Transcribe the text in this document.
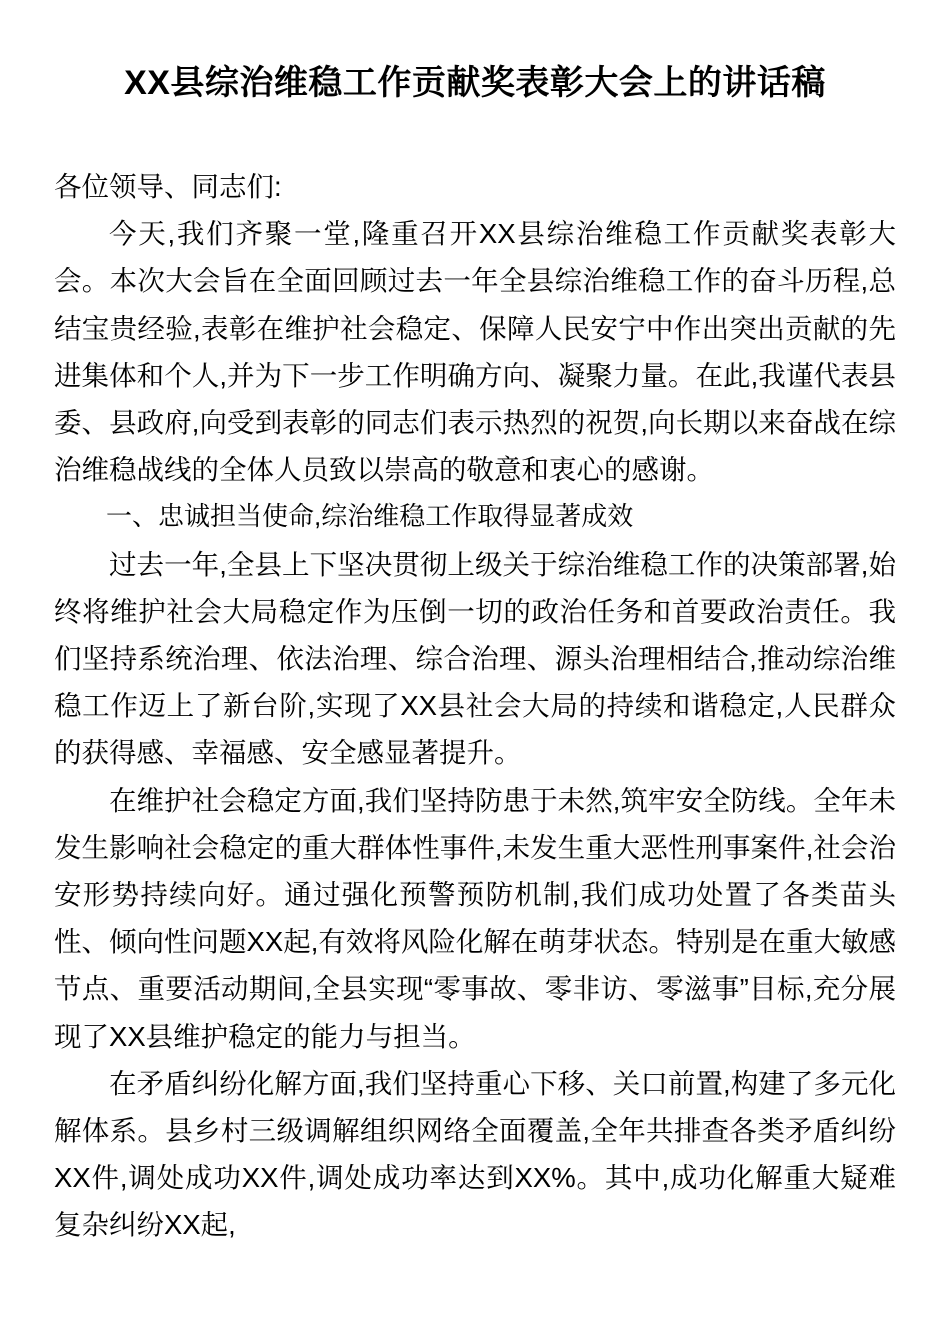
XX县综治维稳工作贡献奖表彰大会上的讲话稿

各位领导、同志们:

今天,我们齐聚一堂,隆重召开XX县综治维稳工作贡献奖表彰大会。本次大会旨在全面回顾过去一年全县综治维稳工作的奋斗历程,总结宝贵经验,表彰在维护社会稳定、保障人民安宁中作出突出贡献的先进集体和个人,并为下一步工作明确方向、凝聚力量。在此,我谨代表县委、县政府,向受到表彰的同志们表示热烈的祝贺,向长期以来奋战在综治维稳战线的全体人员致以崇高的敬意和衷心的感谢。

一、忠诚担当使命,综治维稳工作取得显著成效

过去一年,全县上下坚决贯彻上级关于综治维稳工作的决策部署,始终将维护社会大局稳定作为压倒一切的政治任务和首要政治责任。我们坚持系统治理、依法治理、综合治理、源头治理相结合,推动综治维稳工作迈上了新台阶,实现了XX县社会大局的持续和谐稳定,人民群众的获得感、幸福感、安全感显著提升。

在维护社会稳定方面,我们坚持防患于未然,筑牢安全防线。全年未发生影响社会稳定的重大群体性事件,未发生重大恶性刑事案件,社会治安形势持续向好。通过强化预警预防机制,我们成功处置了各类苗头性、倾向性问题XX起,有效将风险化解在萌芽状态。特别是在重大敏感节点、重要活动期间,全县实现“零事故、零非访、零滋事”目标,充分展现了XX县维护稳定的能力与担当。

在矛盾纠纷化解方面,我们坚持重心下移、关口前置,构建了多元化解体系。县乡村三级调解组织网络全面覆盖,全年共排查各类矛盾纠纷XX件,调处成功XX件,调处成功率达到XX%。其中,成功化解重大疑难复杂纠纷XX起,
